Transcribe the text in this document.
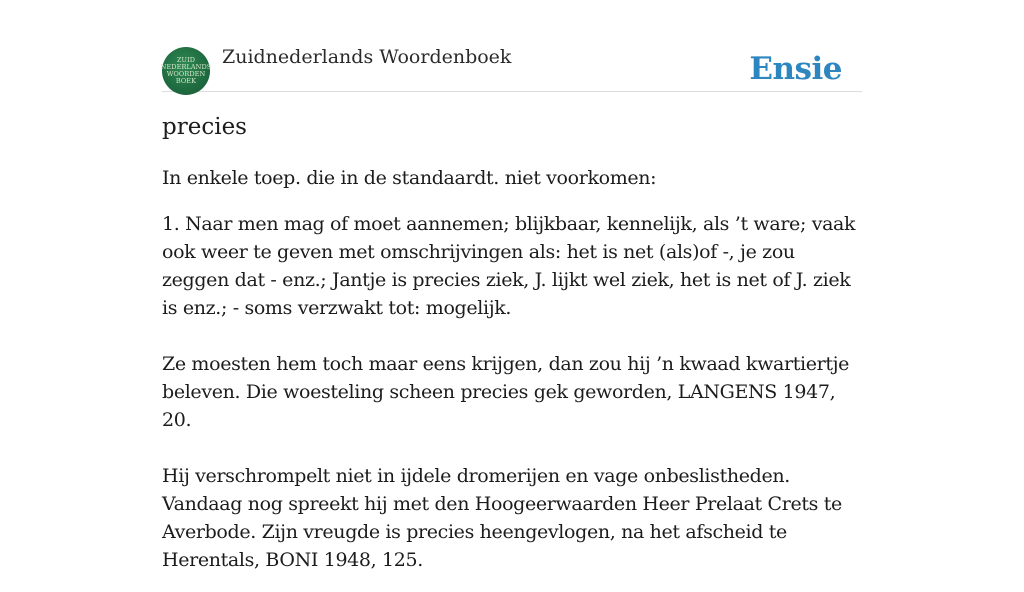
ZUID
NEDERLANDS
WOORDEN
BOEK
Zuidnederlands Woordenboek	Ensie
precies

In enkele toep. die in de standaardt. niet voorkomen:

1. Naar men mag of moet aannemen; blijkbaar, kennelijk, als ’t ware; vaak ook weer te geven met omschrijvingen als: het is net (als)of -, je zou zeggen dat - enz.; Jantje is precies ziek, J. lijkt wel ziek, het is net of J. ziek is enz.; - soms verzwakt tot: mogelijk.

Ze moesten hem toch maar eens krijgen, dan zou hij ’n kwaad kwartiertje beleven. Die woesteling scheen precies gek geworden, LANGENS 1947, 20.

Hij verschrompelt niet in ijdele dromerijen en vage onbeslistheden. Vandaag nog spreekt hij met den Hoogeerwaarden Heer Prelaat Crets te Averbode. Zijn vreugde is precies heengevlogen, na het afscheid te Herentals, BONI 1948, 125.
